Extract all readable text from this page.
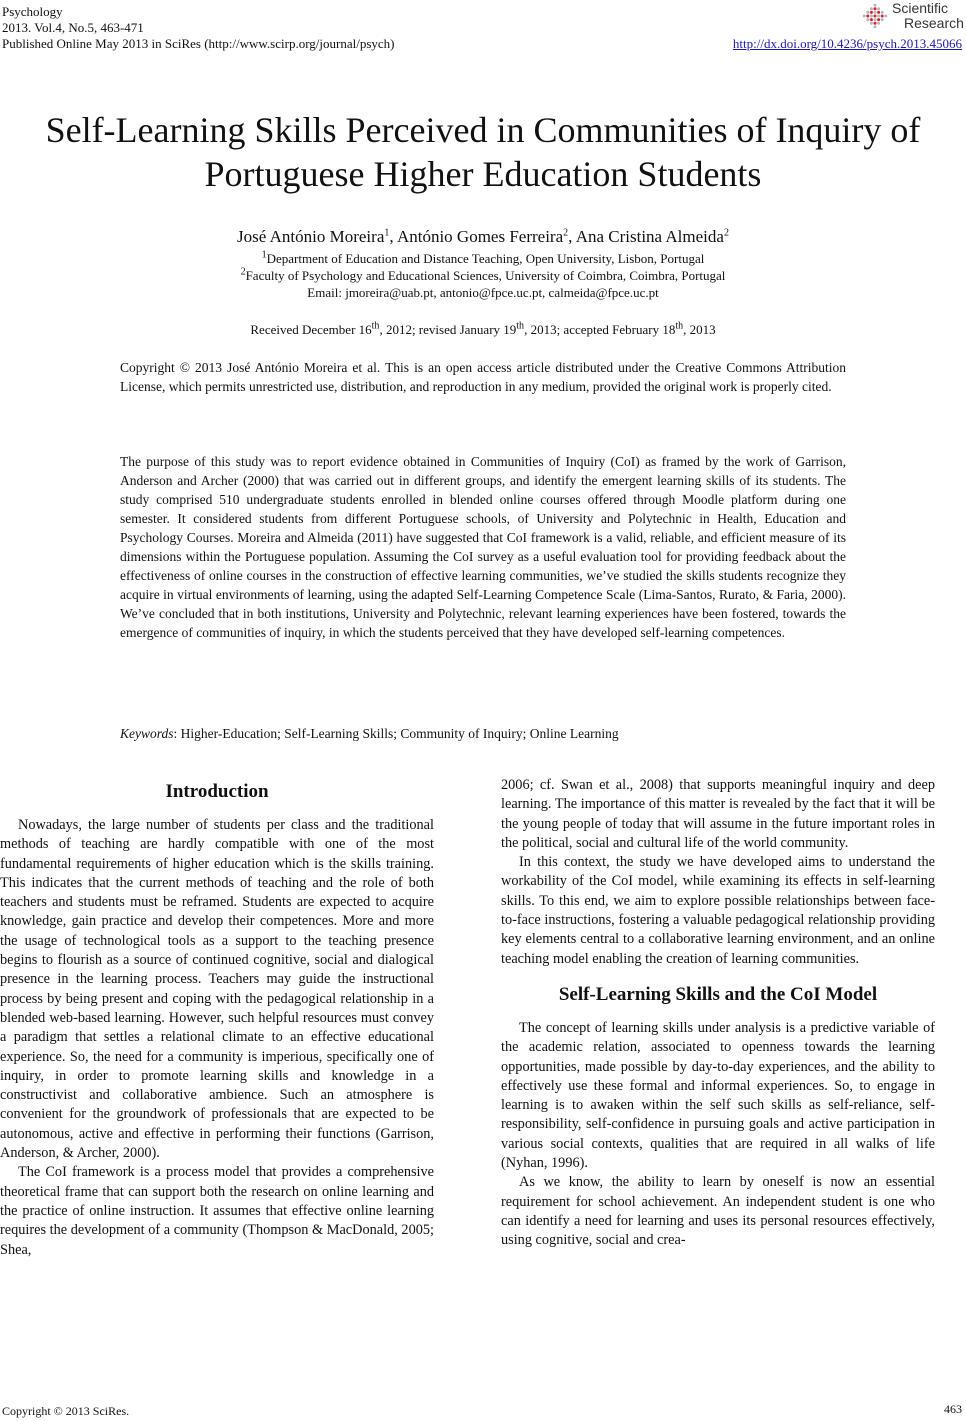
Psychology
2013. Vol.4, No.5, 463-471
Published Online May 2013 in SciRes (http://www.scirp.org/journal/psych)
Scientific
Research
http://dx.doi.org/10.4236/psych.2013.45066
Self-Learning Skills Perceived in Communities of Inquiry of
Portuguese Higher Education Students
José António Moreira$^1$, António Gomes Ferreira$^2$, Ana Cristina Almeida$^2$
$^1$Department of Education and Distance Teaching, Open University, Lisbon, Portugal
$^2$Faculty of Psychology and Educational Sciences, University of Coimbra, Coimbra, Portugal
Email: jmoreira@uab.pt, antonio@fpce.uc.pt, calmeida@fpce.uc.pt
Received December 16th, 2012; revised January 19th, 2013; accepted February 18th, 2013
Copyright © 2013 José António Moreira et al. This is an open access article distributed under the Creative Commons Attribution License, which permits unrestricted use, distribution, and reproduction in any medium, provided the original work is properly cited.
The purpose of this study was to report evidence obtained in Communities of Inquiry (CoI) as framed by the work of Garrison, Anderson and Archer (2000) that was carried out in different groups, and identify the emergent learning skills of its students. The study comprised 510 undergraduate students enrolled in blended online courses offered through Moodle platform during one semester. It considered students from different Portuguese schools, of University and Polytechnic in Health, Education and Psychology Courses. Moreira and Almeida (2011) have suggested that CoI framework is a valid, reliable, and efficient measure of its dimensions within the Portuguese population. Assuming the CoI survey as a useful evaluation tool for providing feedback about the effectiveness of online courses in the construction of effective learning communities, we’ve studied the skills students recognize they acquire in virtual environments of learning, using the adapted Self-Learning Competence Scale (Lima-Santos, Rurato, & Faria, 2000). We’ve concluded that in both institutions, University and Polytechnic, relevant learning experiences have been fostered, towards the emergence of communities of inquiry, in which the students perceived that they have developed self-learning competences.
Keywords: Higher-Education; Self-Learning Skills; Community of Inquiry; Online Learning
Introduction

Nowadays, the large number of students per class and the traditional methods of teaching are hardly compatible with one of the most fundamental requirements of higher education which is the skills training. This indicates that the current methods of teaching and the role of both teachers and students must be reframed. Students are expected to acquire knowledge, gain practice and develop their competences. More and more the usage of technological tools as a support to the teaching presence begins to flourish as a source of continued cognitive, social and dialogical presence in the learning process. Teachers may guide the instructional process by being present and coping with the pedagogical relationship in a blended web-based learning. However, such helpful resources must convey a paradigm that settles a relational climate to an effective educational experience. So, the need for a community is imperious, specifically one of inquiry, in order to promote learning skills and knowledge in a constructivist and collaborative ambience. Such an atmosphere is convenient for the groundwork of professionals that are expected to be autonomous, active and effective in performing their functions (Garrison, Anderson, & Archer, 2000).

The CoI framework is a process model that provides a comprehensive theoretical frame that can support both the research on online learning and the practice of online instruction. It assumes that effective online learning requires the development of a community (Thompson & MacDonald, 2005; Shea,

2006; cf. Swan et al., 2008) that supports meaningful inquiry and deep learning. The importance of this matter is revealed by the fact that it will be the young people of today that will assume in the future important roles in the political, social and cultural life of the world community.

In this context, the study we have developed aims to understand the workability of the CoI model, while examining its effects in self-learning skills. To this end, we aim to explore possible relationships between face-to-face instructions, fostering a valuable pedagogical relationship providing key elements central to a collaborative learning environment, and an online teaching model enabling the creation of learning communities.

Self-Learning Skills and the CoI Model

The concept of learning skills under analysis is a predictive variable of the academic relation, associated to openness towards the learning opportunities, made possible by day-to-day experiences, and the ability to effectively use these formal and informal experiences. So, to engage in learning is to awaken within the self such skills as self-reliance, self-responsibility, self-confidence in pursuing goals and active participation in various social contexts, qualities that are required in all walks of life (Nyhan, 1996).

As we know, the ability to learn by oneself is now an essential requirement for school achievement. An independent student is one who can identify a need for learning and uses its personal resources effectively, using cognitive, social and crea-

Copyright © 2013 SciRes.	463
